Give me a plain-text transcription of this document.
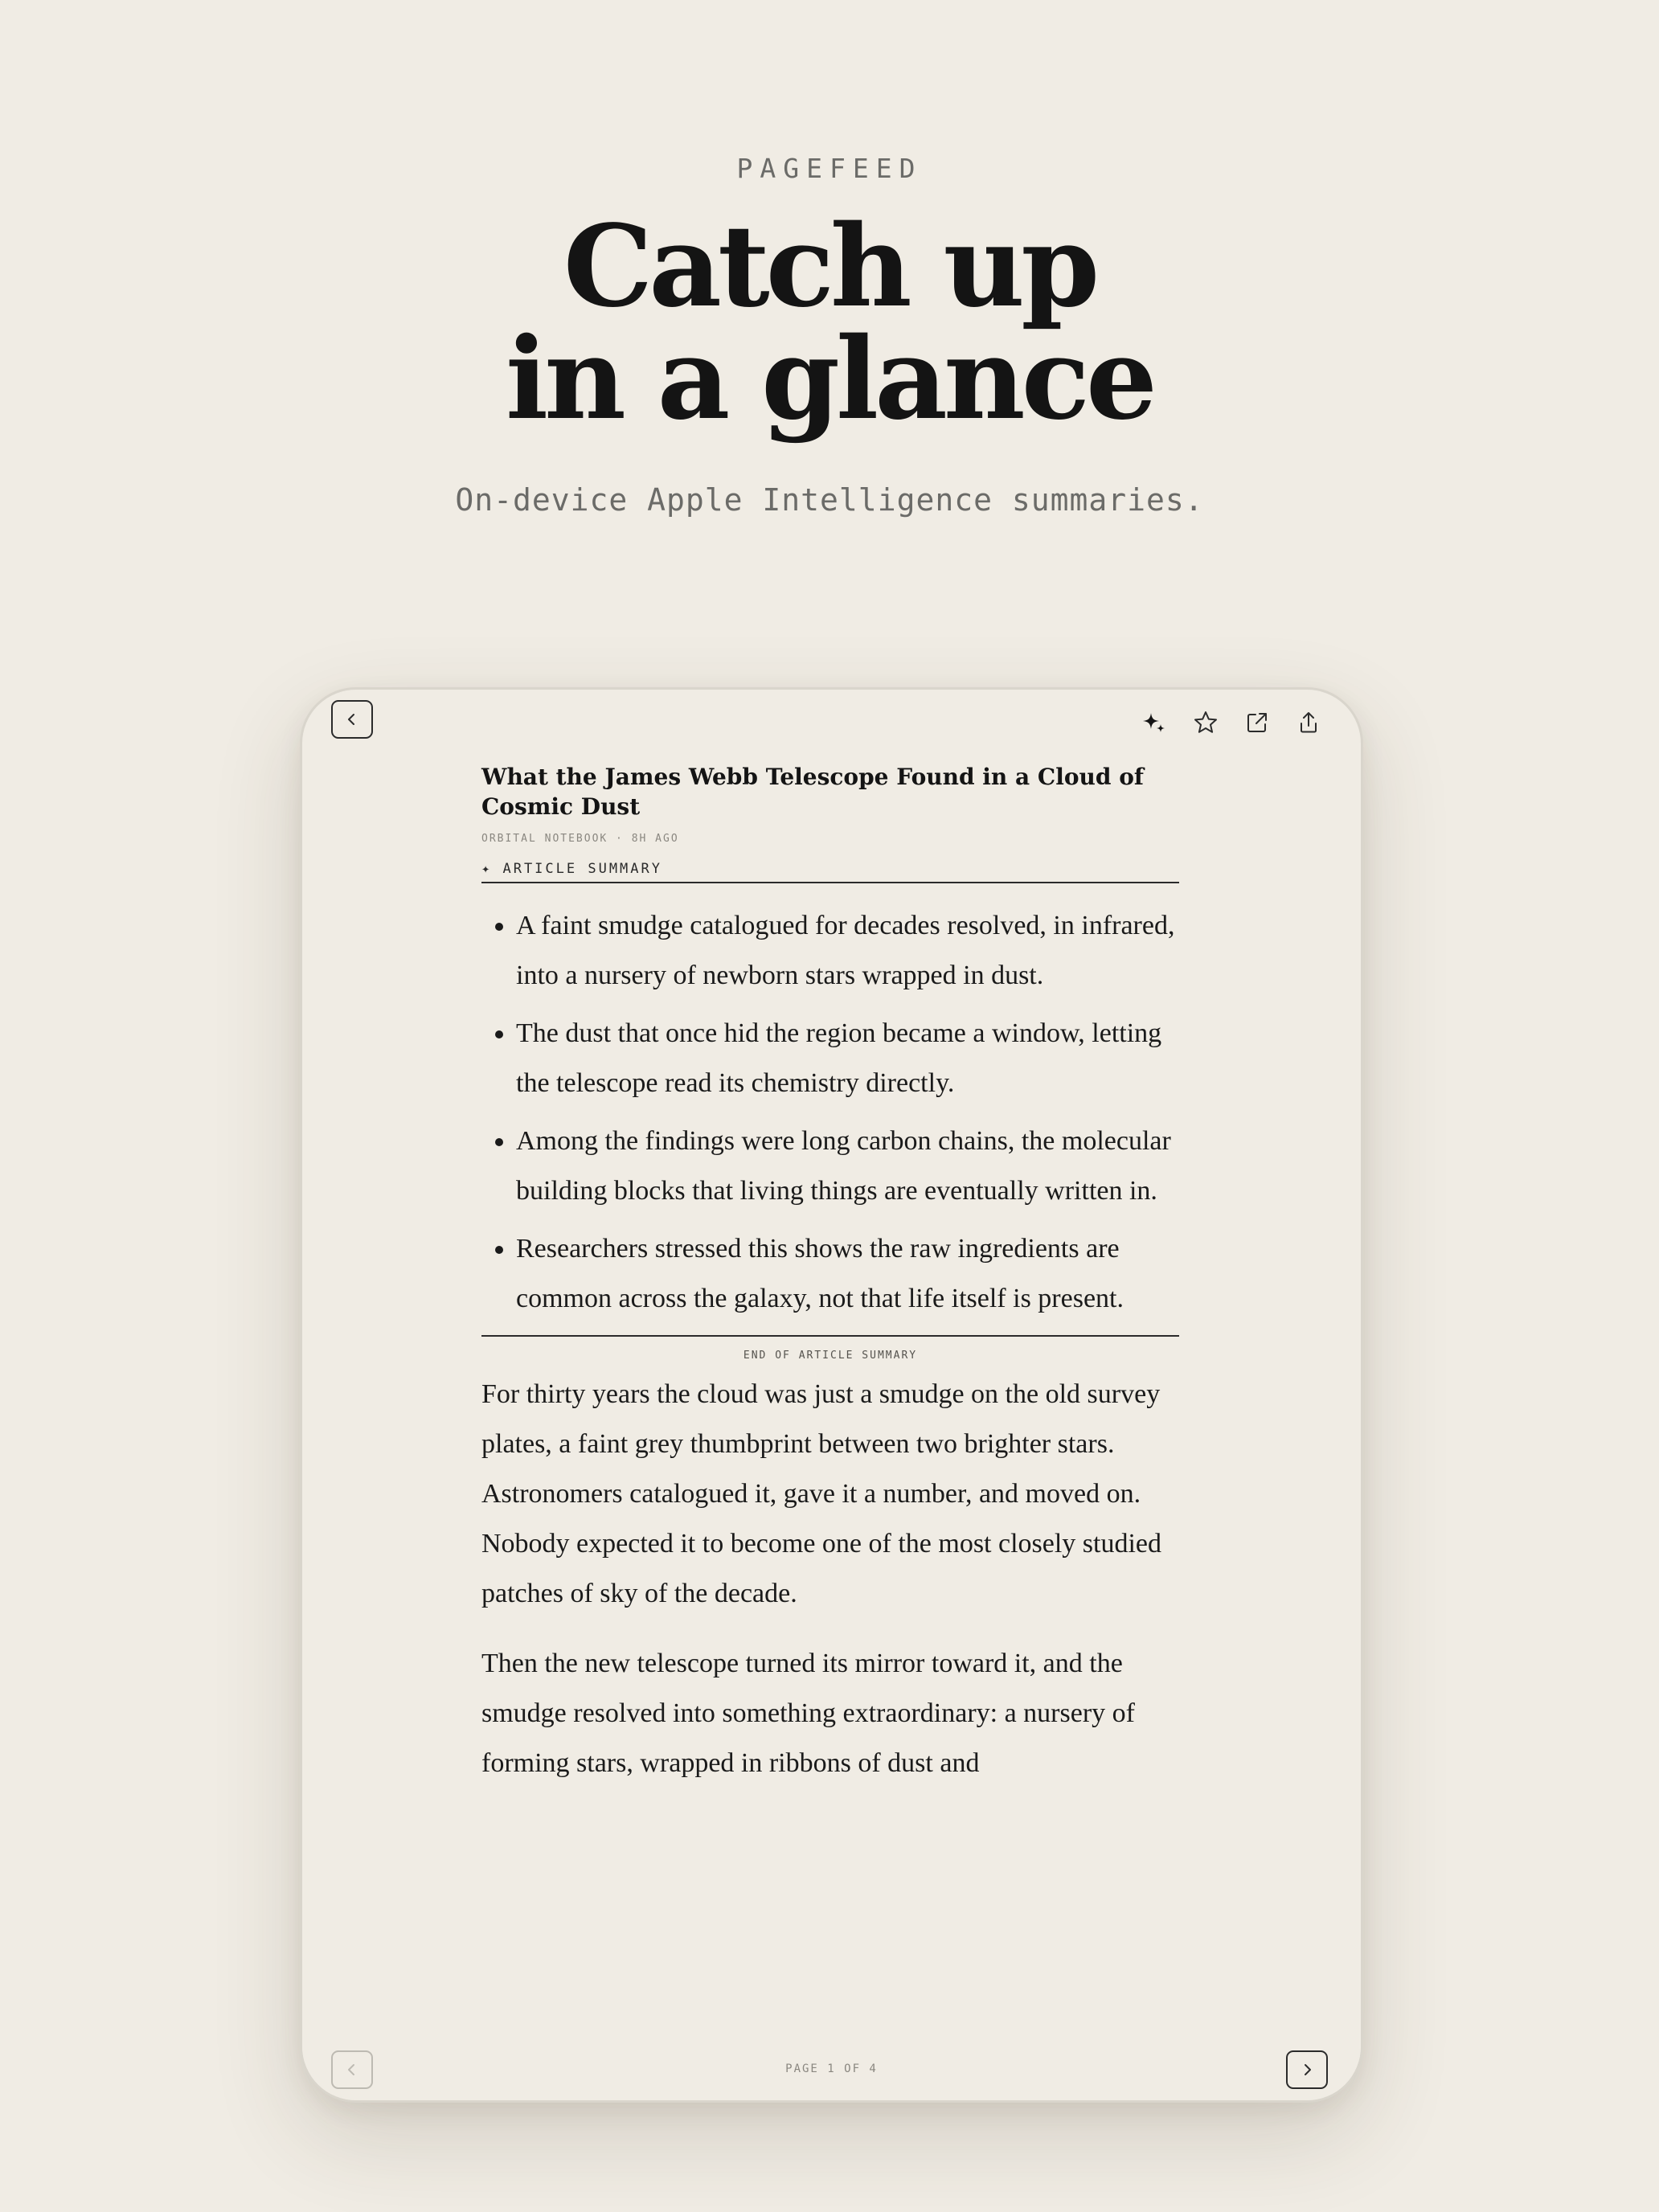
PAGEFEED
Catch up
in a glance
On-device Apple Intelligence summaries.
What the James Webb Telescope Found in a Cloud of Cosmic Dust
ORBITAL NOTEBOOK · 8H AGO
✦ ARTICLE SUMMARY
• A faint smudge catalogued for decades resolved, in infrared, into a nursery of newborn stars wrapped in dust.
• The dust that once hid the region became a window, letting the telescope read its chemistry directly.
• Among the findings were long carbon chains, the molecular building blocks that living things are eventually written in.
• Researchers stressed this shows the raw ingredients are common across the galaxy, not that life itself is present.
END OF ARTICLE SUMMARY

For thirty years the cloud was just a smudge on the old survey plates, a faint grey thumbprint between two brighter stars. Astronomers catalogued it, gave it a number, and moved on. Nobody expected it to become one of the most closely studied patches of sky of the decade.

Then the new telescope turned its mirror toward it, and the smudge resolved into something extraordinary: a nursery of forming stars, wrapped in ribbons of dust and

PAGE 1 OF 4
